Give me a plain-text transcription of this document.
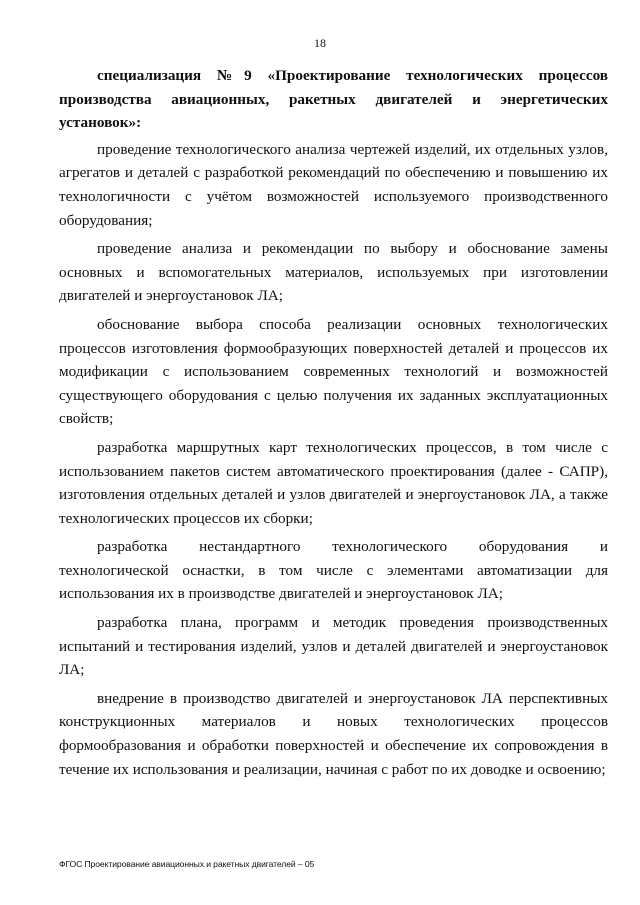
18

специализация №9 «Проектирование технологических процессов производства авиационных, ракетных двигателей и энергетических установок»:

проведение технологического анализа чертежей изделий, их отдельных узлов, агрегатов и деталей с разработкой рекомендаций по обеспечению и повышению их технологичности с учётом возможностей используемого производственного оборудования;

проведение анализа и рекомендации по выбору и обоснование замены основных и вспомогательных материалов, используемых при изготовлении двигателей и энергоустановок ЛА;

обоснование выбора способа реализации основных технологических процессов изготовления формообразующих поверхностей деталей и процессов их модификации с использованием современных технологий и возможностей существующего оборудования с целью получения их заданных эксплуатационных свойств;

разработка маршрутных карт технологических процессов, в том числе с использованием пакетов систем автоматического проектирования (далее - САПР), изготовления отдельных деталей и узлов двигателей и энергоустановок ЛА, а также технологических процессов их сборки;

разработка нестандартного технологического оборудования и технологической оснастки, в том числе с элементами автоматизации для использования их в производстве двигателей и энергоустановок ЛА;

разработка плана, программ и методик проведения производственных испытаний и тестирования изделий, узлов и деталей двигателей и энергоустановок ЛА;

внедрение в производство двигателей и энергоустановок ЛА перспективных конструкционных материалов и новых технологических процессов формообразования и обработки поверхностей и обеспечение их сопровождения в течение их использования и реализации, начиная с работ по их доводке и освоению;

ФГОС Проектирование авиационных и ракетных двигателей – 05
